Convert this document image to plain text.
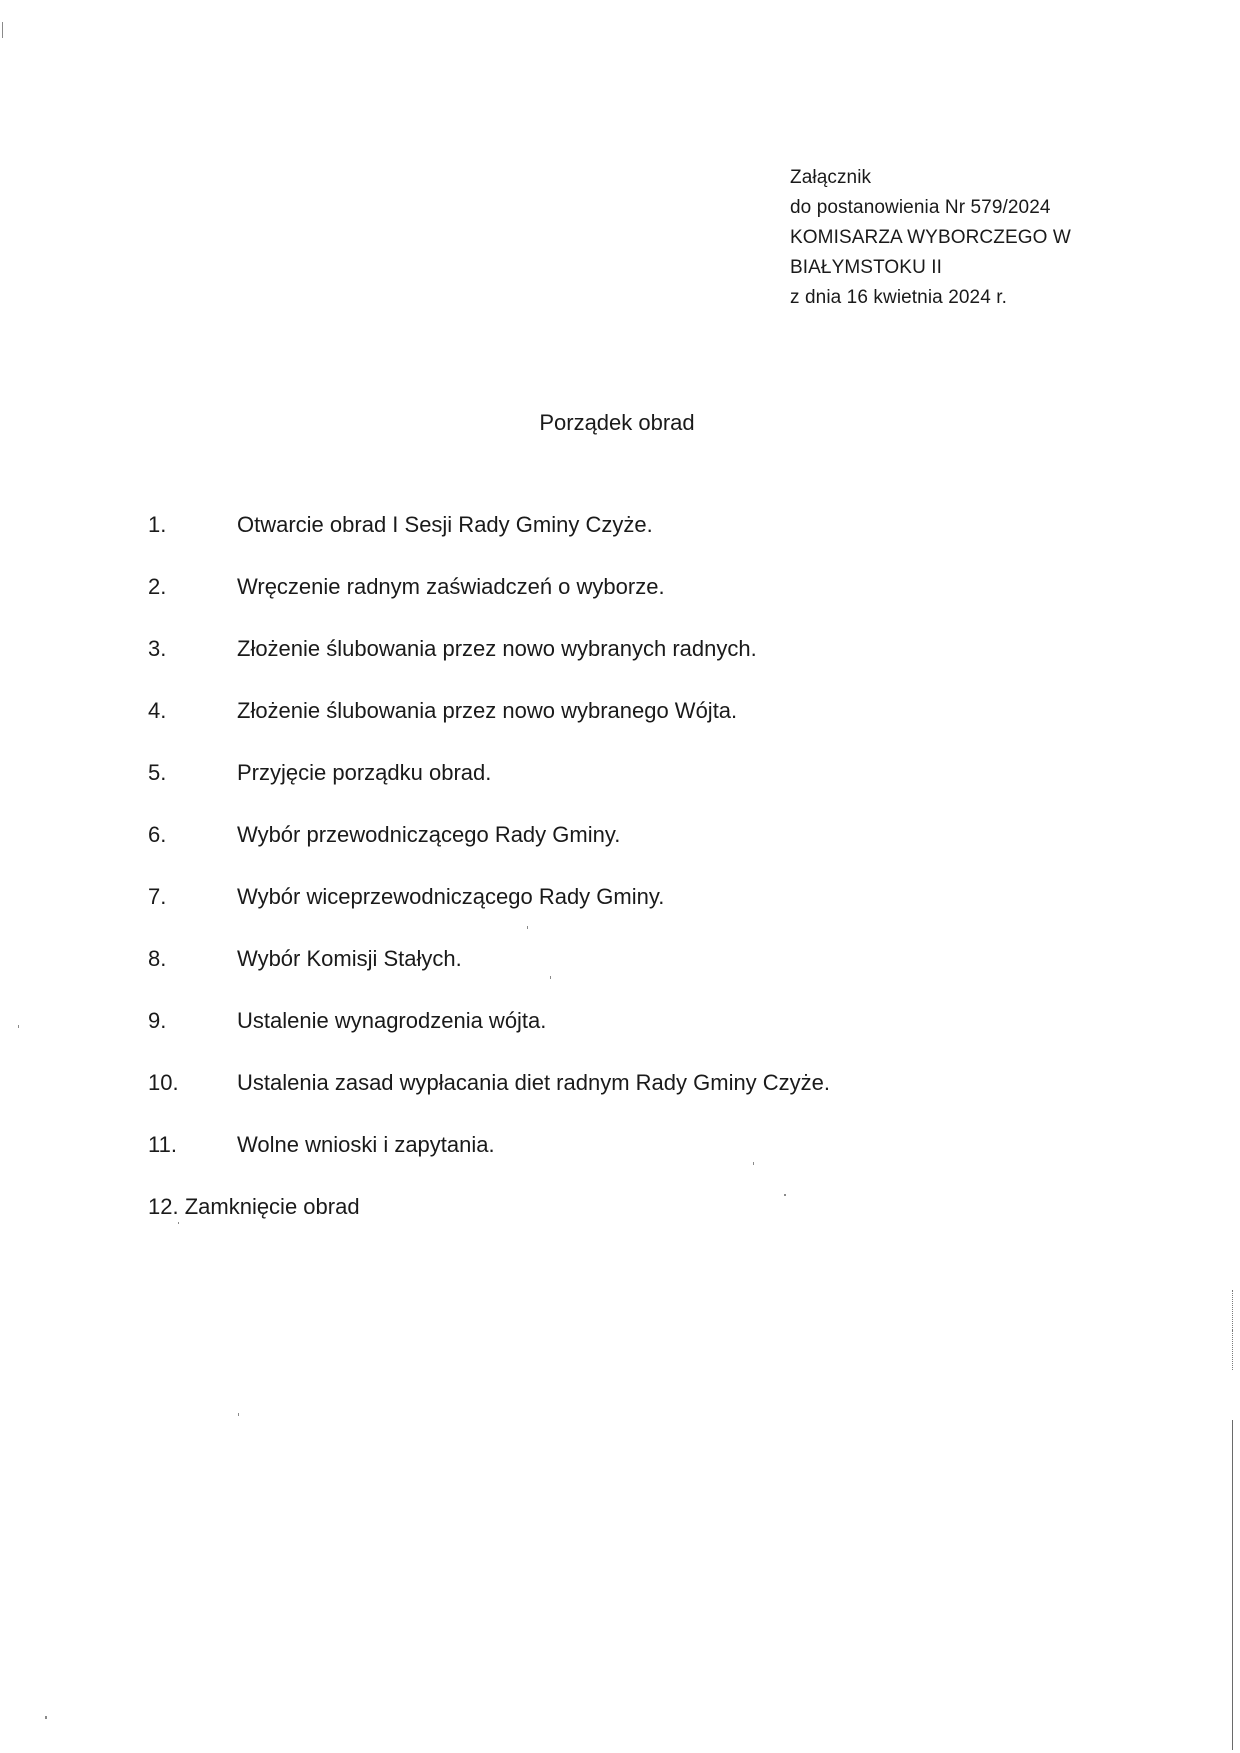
Załącznik
do postanowienia Nr 579/2024
KOMISARZA WYBORCZEGO W
BIAŁYMSTOKU II
z dnia 16 kwietnia 2024 r.
Porządek obrad
1.	Otwarcie obrad I Sesji Rady Gminy Czyże.
2.	Wręczenie radnym zaświadczeń o wyborze.
3.	Złożenie ślubowania przez nowo wybranych radnych.
4.	Złożenie ślubowania przez nowo wybranego Wójta.
5.	Przyjęcie porządku obrad.
6.	Wybór przewodniczącego Rady Gminy.
7.	Wybór wiceprzewodniczącego Rady Gminy.
8.	Wybór Komisji Stałych.
9.	Ustalenie wynagrodzenia wójta.
10.	Ustalenia zasad wypłacania diet radnym Rady Gminy Czyże.
11.	Wolne wnioski i zapytania.
12. Zamknięcie obrad
